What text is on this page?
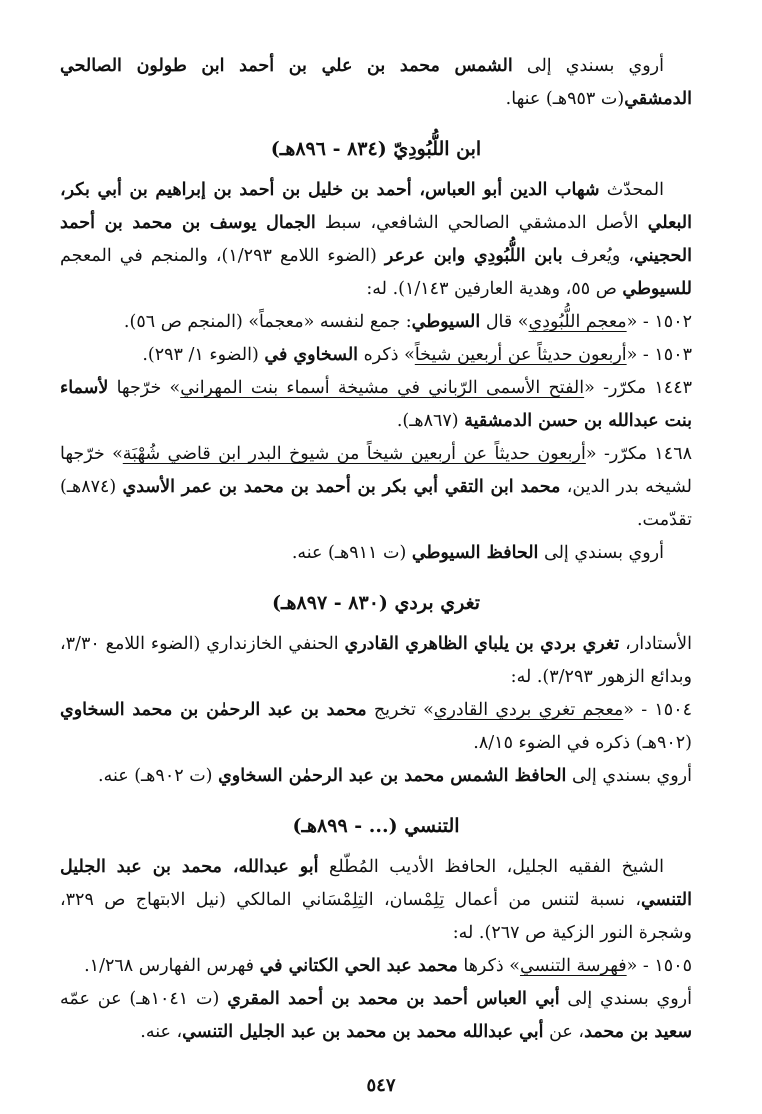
أروي بسندي إلى الشمس محمد بن علي بن أحمد ابن طولون الصالحي الدمشقي(ت ٩٥٣هـ) عنها.

ابن اللُّبُودِيّ (٨٣٤ - ٨٩٦هـ)

المحدّث شهاب الدين أبو العباس، أحمد بن خليل بن أحمد بن إبراهيم بن أبي بكر، البعلي الأصل الدمشقي الصالحي الشافعي، سبط الجمال يوسف بن محمد بن أحمد الحجيني، ويُعرف بابن اللُّبُودِي وابن عرعر (الضوء اللامع ١/٢٩٣)، والمنجم في المعجم للسيوطي ص ٥٥، وهدية العارفين ١/١٤٣). له:

١٥٠٢ - «معجم اللُّبُودِي» قال السيوطي: جمع لنفسه «معجماً» (المنجم ص ٥٦).

١٥٠٣ - «أربعون حديثاً عن أربعين شيخاً» ذكره السخاوي في (الضوء ١/ ٢٩٣).

١٤٤٣ مكرّر- «الفتح الأسمى الرّباني في مشيخة أسماء بنت المهراني» خرّجها لأسماء بنت عبدالله بن حسن الدمشقية (٨٦٧هـ).

١٤٦٨ مكرّر- «أربعون حديثاً عن أربعين شيخاً من شيوخ البدر ابن قاضي شُهْبَة» خرّجها لشيخه بدر الدين، محمد ابن التقي أبي بكر بن أحمد بن محمد بن عمر الأسدي (٨٧٤هـ) تقدّمت.

أروي بسندي إلى الحافظ السيوطي (ت ٩١١هـ) عنه.

تغري بردي (٨٣٠ - ٨٩٧هـ)

الأستادار، تغري بردي بن يلباي الظاهري القادري الحنفي الخازنداري (الضوء اللامع ٣/٣٠، وبدائع الزهور ٣/٢٩٣). له:

١٥٠٤ - «معجم تغري بردي القادري» تخريج محمد بن عبد الرحمٰن بن محمد السخاوي (٩٠٢هـ) ذكره في الضوء ٨/١٥.

أروي بسندي إلى الحافظ الشمس محمد بن عبد الرحمٰن السخاوي (ت ٩٠٢هـ) عنه.

التنسي (... - ٨٩٩هـ)

الشيخ الفقيه الجليل، الحافظ الأديب المُطّلع أبو عبدالله، محمد بن عبد الجليل التنسي، نسبة لتنس من أعمال تِلِمْسان، التِلِمْسَاني المالكي (نيل الابتهاج ص ٣٢٩، وشجرة النور الزكية ص ٢٦٧). له:

١٥٠٥ - «فهرسة التنسي» ذكرها محمد عبد الحي الكتاني في فهرس الفهارس ١/٢٦٨.

أروي بسندي إلى أبي العباس أحمد بن محمد بن أحمد المقري (ت ١٠٤١هـ) عن عمّه سعيد بن محمد، عن أبي عبدالله محمد بن محمد بن عبد الجليل التنسي، عنه.

٥٤٧
